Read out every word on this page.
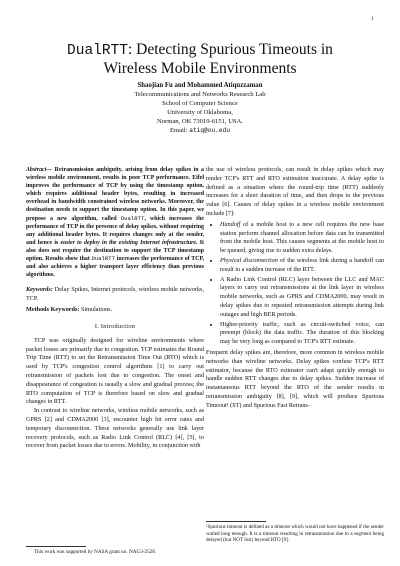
1
DualRTT: Detecting Spurious Timeouts in
Wireless Mobile Environments
Shaojian Fu and Mohammed Atiquzzaman
Telecommunications and Networks Research Lab
School of Computer Science
University of Oklahoma,
Norman, OK 73019-6151, USA.
Email: atiq@ou.edu

Abstract— Retransmission ambiguity, arising from delay spikes in a wireless mobile environment, results in poor TCP performance. Eifel improves the performance of TCP by using the timestamp option, which requires additional header bytes, resulting in increased overhead in bandwidth constrained wireless networks. Moreover, the destination needs to support the timestamp option. In this paper, we propose a new algorithm, called DualRTT, which increases the performance of TCP in the presence of delay spikes, without requiring any additional header bytes. It requires changes only at the sender, and hence is easier to deploy in the existing Internet infrastructure. It also does not require the destination to support the TCP timestamp option. Results show that DualRTT increases the performance of TCP, and also achieves a higher transport layer efficiency than previous algorithms.

Keywords: Delay Spikes, Internet protocols, wireless mobile networks, TCP.

Methods Keywords: Simulations.

I. Introduction

TCP was originally designed for wireline environments where packet losses are primarily due to congestion. TCP estimates the Round Trip Time (RTT) to set the Retransmission Time Out (RTO) which is used by TCP's congestion control algorithms [1] to carry out retransmission of packets lost due to congestion. The onset and disappearance of congestion is usually a slow and gradual process; the RTO computation of TCP is therefore based on slow and gradual changes in RTT.

In contrast to wireline networks, wireless mobile networks, such as GPRS [2] and CDMA2000 [3], encounter high bit error rates and temporary disconnection. These networks generally use link layer recovery protocols, such as Radio Link Control (RLC) [4], [5], to recover from packet losses due to errors. Mobility, in conjunction with

This work was supported by NASA grant no. NAG3-2528.

the use of wireless protocols, can result in delay spikes which may render TCP's RTT and RTO estimation inaccurate. A delay spike is defined as a situation where the round-trip time (RTT) suddenly increases for a short duration of time, and then drops to the previous value [6]. Causes of delay spikes in a wireless mobile environment include [7]:

• Handoff of a mobile host to a new cell requires the new base station perform channel allocation before data can be transmitted from the mobile host. This causes segments at the mobile host to be queued, giving rise to sudden extra delays.
• Physical disconnection of the wireless link during a handoff can result in a sudden increase of the RTT.
• A Radio Link Control (RLC) layer between the LLC and MAC layers to carry out retransmissions at the link layer in wireless mobile networks, such as GPRS and CDMA2000, may result in delay spikes due to repeated retransmission attempts during link outages and high BER periods.
• Higher-priority traffic, such as circuit-switched voice, can preempt (block) the data traffic. The duration of this blocking may be very long as compared to TCP's RTT estimate.

Frequent delay spikes are, therefore, more common in wireless mobile networks than wireline networks. Delay spikes confuse TCP's RTT estimator, because the RTO estimator can't adapt quickly enough to handle sudden RTT changes due to delay spikes. Sudden increase of instantaneous RTT beyond the RTO of the sender results in retransmission ambiguity [8], [9], which will produce Spurious Timeout¹ (ST) and Spurious Fast Retrans-

¹Spurious timeout is defined as a timeout which would not have happened if the sender waited long enough. It is a timeout resulting in retransmission due to a segment being delayed (but NOT lost) beyond RTO [9].
